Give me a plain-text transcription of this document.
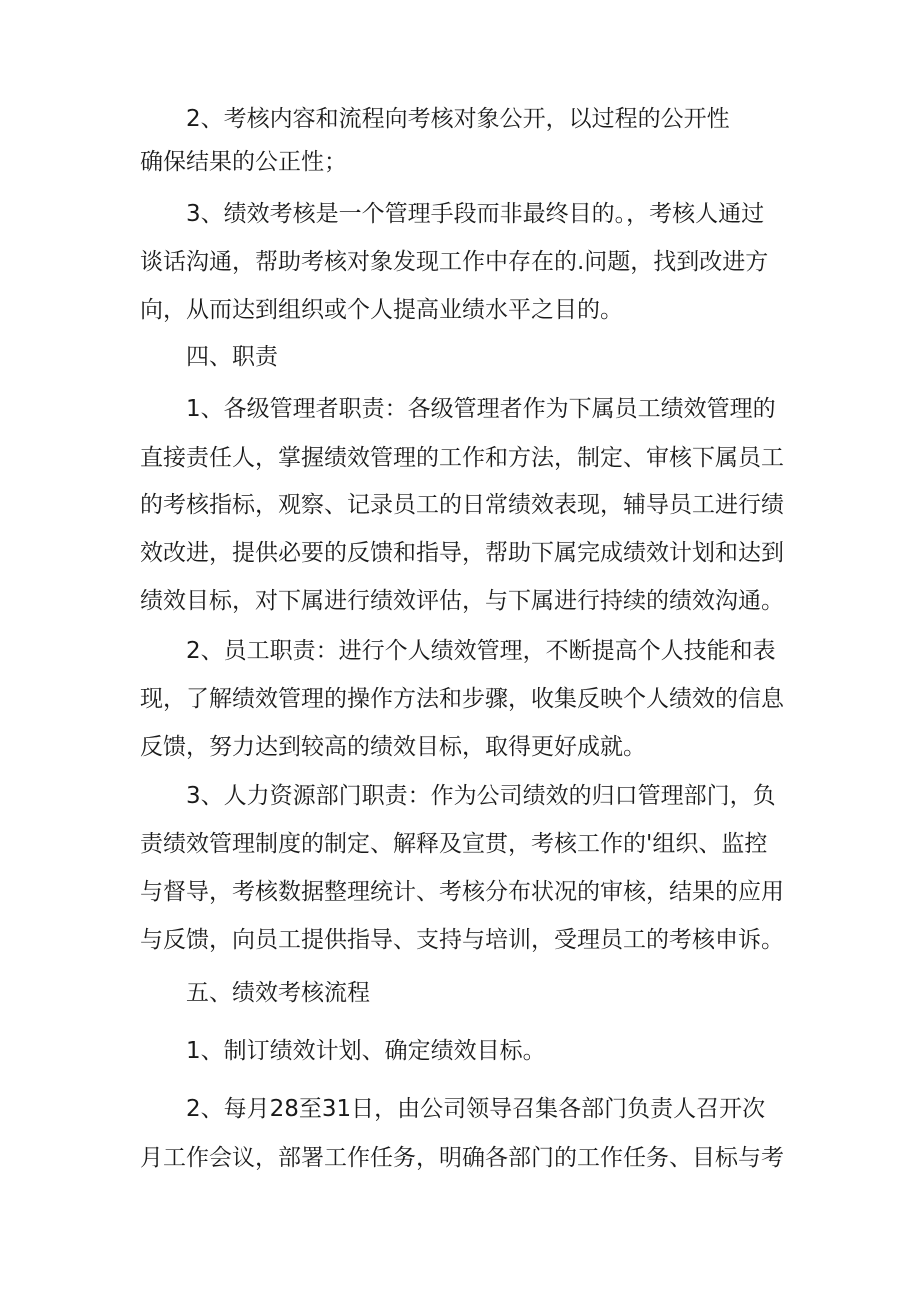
2、考核内容和流程向考核对象公开，以过程的公开性
确保结果的公正性；
3、绩效考核是一个管理手段而非最终目的。，考核人通过
谈话沟通，帮助考核对象发现工作中存在的.问题，找到改进方
向，从而达到组织或个人提高业绩水平之目的。
四、职责
1、各级管理者职责：各级管理者作为下属员工绩效管理的
直接责任人，掌握绩效管理的工作和方法，制定、审核下属员工
的考核指标，观察、记录员工的日常绩效表现，辅导员工进行绩
效改进，提供必要的反馈和指导，帮助下属完成绩效计划和达到
绩效目标，对下属进行绩效评估，与下属进行持续的绩效沟通。
2、员工职责：进行个人绩效管理，不断提高个人技能和表
现，了解绩效管理的操作方法和步骤，收集反映个人绩效的信息
反馈，努力达到较高的绩效目标，取得更好成就。
3、人力资源部门职责：作为公司绩效的归口管理部门，负
责绩效管理制度的制定、解释及宣贯，考核工作的'组织、监控
与督导，考核数据整理统计、考核分布状况的审核，结果的应用
与反馈，向员工提供指导、支持与培训，受理员工的考核申诉。
五、绩效考核流程
1、制订绩效计划、确定绩效目标。
2、每月28至31日，由公司领导召集各部门负责人召开次
月工作会议，部署工作任务，明确各部门的工作任务、目标与考
